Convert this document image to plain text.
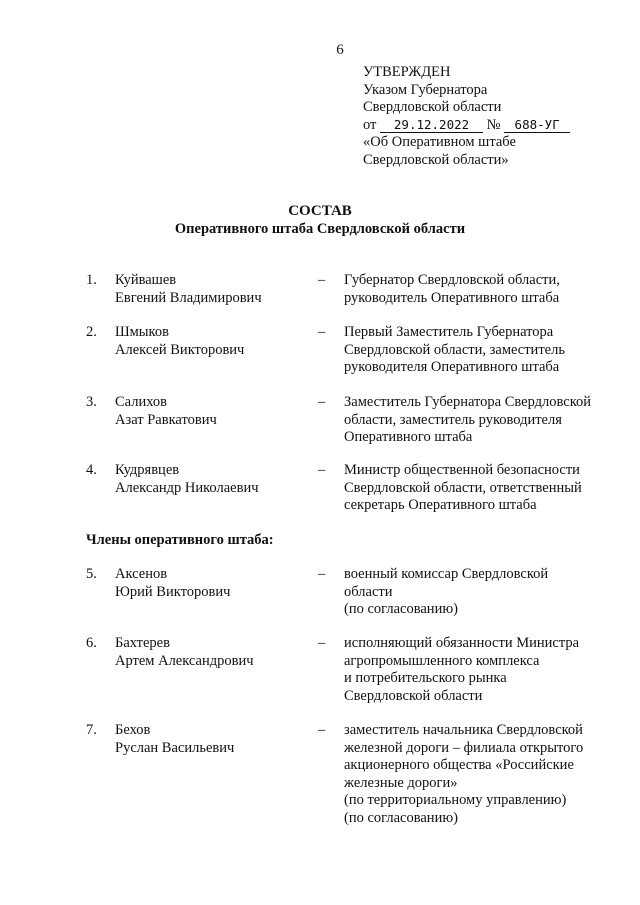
6
УТВЕРЖДЕН
Указом Губернатора
Свердловской области
от 29.12.2022 № 688-УГ
«Об Оперативном штабе
Свердловской области»
СОСТАВ
Оперативного штаба Свердловской области
1. Куйвашев
Евгений Владимирович
– Губернатор Свердловской области,
руководитель Оперативного штаба
2. Шмыков
Алексей Викторович
– Первый Заместитель Губернатора
Свердловской области, заместитель
руководителя Оперативного штаба
3. Салихов
Азат Равкатович
– Заместитель Губернатора Свердловской
области, заместитель руководителя
Оперативного штаба
4. Кудрявцев
Александр Николаевич
– Министр общественной безопасности
Свердловской области, ответственный
секретарь Оперативного штаба
Члены оперативного штаба:
5. Аксенов
Юрий Викторович
– военный комиссар Свердловской
области
(по согласованию)
6. Бахтерев
Артем Александрович
– исполняющий обязанности Министра
агропромышленного комплекса
и потребительского рынка
Свердловской области
7. Бехов
Руслан Васильевич
– заместитель начальника Свердловской
железной дороги – филиала открытого
акционерного общества «Российские
железные дороги»
(по территориальному управлению)
(по согласованию)
